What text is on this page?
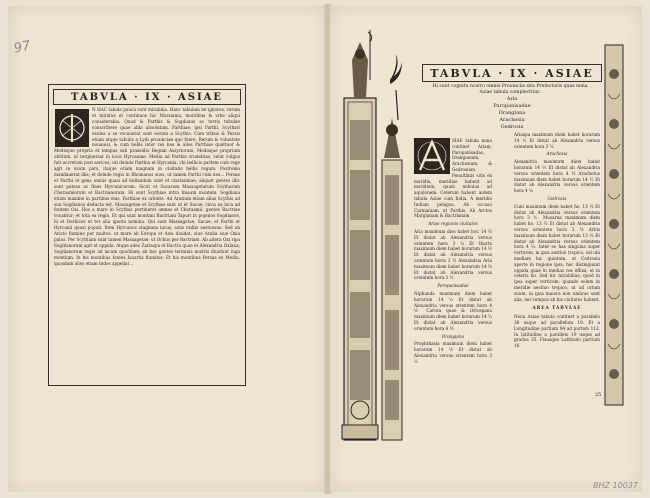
97
TABVLA · IX · ASIAE
N HAC tabula pauca sunt mirabilia. Hanc tabulam ne ignores, verum et miratus et continuos hic Marsiania, montibus & vrbe aliqui considerabis. Quod & Parthis & Sogdianis ac terris tabulae conscribere quae alibi absolutam. Parthiae, ipsi Parthi, Scythari exules a se vocauerat sunt eorum a Scythis. Cum tribus & Persis etiam atque tabulis a Lydi prouinciae quo fuere. Rerum & voluntate nouauisi, & cum bellis inter rex hos & alios Parthiae quattuor & Medisque propria et tempus sub praesidio Regum Assyriorum, Medisque proprium oblitum, ut tergiuersat in locis Hyrcaniae. Media ad Parthis crudelitas, velut vulgus fuit accretum post sericos; uti deinde Parthia et Hyrcania, vbi bellicis partem cum rege agri in suum pars, itaque etiam magnam in ciuitatis bellis regum. Postremo mandauerat illis; et deinde regio in Rhomanos suos, ut tamen Parthi cum nos... Persae et Parthi et gens omnis quasi ad bellandum sunt et clarissimae; aliquot gentes illic sunt pateos ac fines Hyrcanicorum. Sicut et Sacarum Massagetarum Scytharum Chorasmiorum et Bactrianorum. Hi sunt Scythiae intra Imaum montem. Sogdiana etiam maxime in partibus eius, Parthiae ex oriente. Ad Aratium etiam alias Scythis ad sua Sogdianos deducta est. Massagetae et Scythae sunt ut et Sacae, circa ea loca ad fontem Oxi. Hos a mare in Scythas pertineret omnes et Chorasmii, gentes Bactriae vocantur; et tota ea regio. Et qui sunt montani Bactriani Tapuri in populos Sogdianos, hi et Derbices et tot alia ignota nomina. Qui sunt Massagetae, Sacae, et Parthi et Hyrcanii quasi populi. Item Hyrcanus stagnans lacus, solis radiis aestuosus. Sed ab Aristo flumine per multos, ut mare ab Europa et Asia diuidat, siue Aralia siue Oxia palus. Per Scythiam sunt tamen Massagetae; ut Ochus per Bactriam. Ab altera Oxi ripa Sogdianorum agri et oppida. Atque adeo Zariaspa et Bactra quae et Alexandria Oxiana; Sogdianorum regio ad lacum quoddam; ab hac gentes terminis nostris diuidunt iuga montium. In his montibus fontes Iaxartis fluminis. Et his montibus Persas ex Media, quosdam alios etiam Indos appellat...
TABVLA · IX · ASIAE
Hi sunt cognitu nostro omnis Prouinciis sita Prefecturis quas nona Asiae tabula complectitur.
Aria
Paropanisadae
Drangiana
Arachosia
Gedrosia
SIAE tabula nona continet Ariam, Paropanisadas, Drangianam, Arachosiam, & Gedrosiam. Penultimis sitis ex meridie, meridiae habent ad meridiem, quam nebulae ad aquilonem. Ceterum habent autem tabula Asiae cum India. A meridie Indiam pelagus. Ab occasu Carmaniam, et Parthis. Ab Arctos Margianam & Bactrianam.
Ariae regionis ciuitates
Aria maximum dies habet hor. 14 ½ Et distat ab Alexandria versus orientem hora 3 ⅓ Et Biarta maximum diem habet horarum 14 ½ Et distat ab Alexandria versus orientem horis 3 ½ Alexandria Aria maximum diem habet horarum 14 ½ Et distat ab Alexandria versus orientem hora 3 ⅓
Paropanisadae
Niphanda maximum diem habet horarum 14 ⅓ Et distat ab Alexandria versus orientem hora 4 ⅙ Carura quae & Ortospana maximum diem habet horarum 14 ⅓ Et distat ab Alexandria versus orientem hora 4 ½
Drangiana
Prophthasia maximum diem habet horarum 14 ½ Et distat ab Alexandria versus orientem hora 3 ⅓
Ariaspa maximum diem habet horarum 14 ⅓ Et distat ab Alexandria versus orientem hora 3 ⅚
Arachosia
Alexandria maximum diem habet horarum 14 ⅓ Et distat ab Alexandria versus orientem hora 4 ½ Arachotus maximum diem habet horarum 14 ⅓ Et distat ab Alexandria versus orientem hora 4 ⅙
Gedrosia
Cuni maximum diem habet ho. 13 ½ Et distat ab Alexandria versus orientem hora 3 ⅚ Musarna maximum diem habet ho. 13 ½ Et distat ab Alexandria versus orientem hora 3 ½ Arbis maximum diem habet horarum 13 ⅓ Et distat ab Alexandria versus orientem hora 4 ⅓. Inter se has singulas super verticem, in ipsa aestiuo tropico, sol ubi mediam hic quintum, ut Cedrosia aperte in regione ipsa, hoc distinguunt oppida quae in medias res effusi, et in ceteris ho. Sed hic mirabilius, quod in ipsa super verticem, quando solem in meridie aestiuo tropico, ut ad ortum suum, in ipsa maiora non umbras sunt alia, nec tempus ab his ciuitates habent.
AREA TABVLAE
Nona Asiae tabula continet a parallelo 36 usque ad parallelum 19. Et a Longitudine partium 94 ad partem 112. In latitudine a parallelo 19 usque ad gradus 35. Fisusque Lattitudo partium 16.
25
BHZ 10037
